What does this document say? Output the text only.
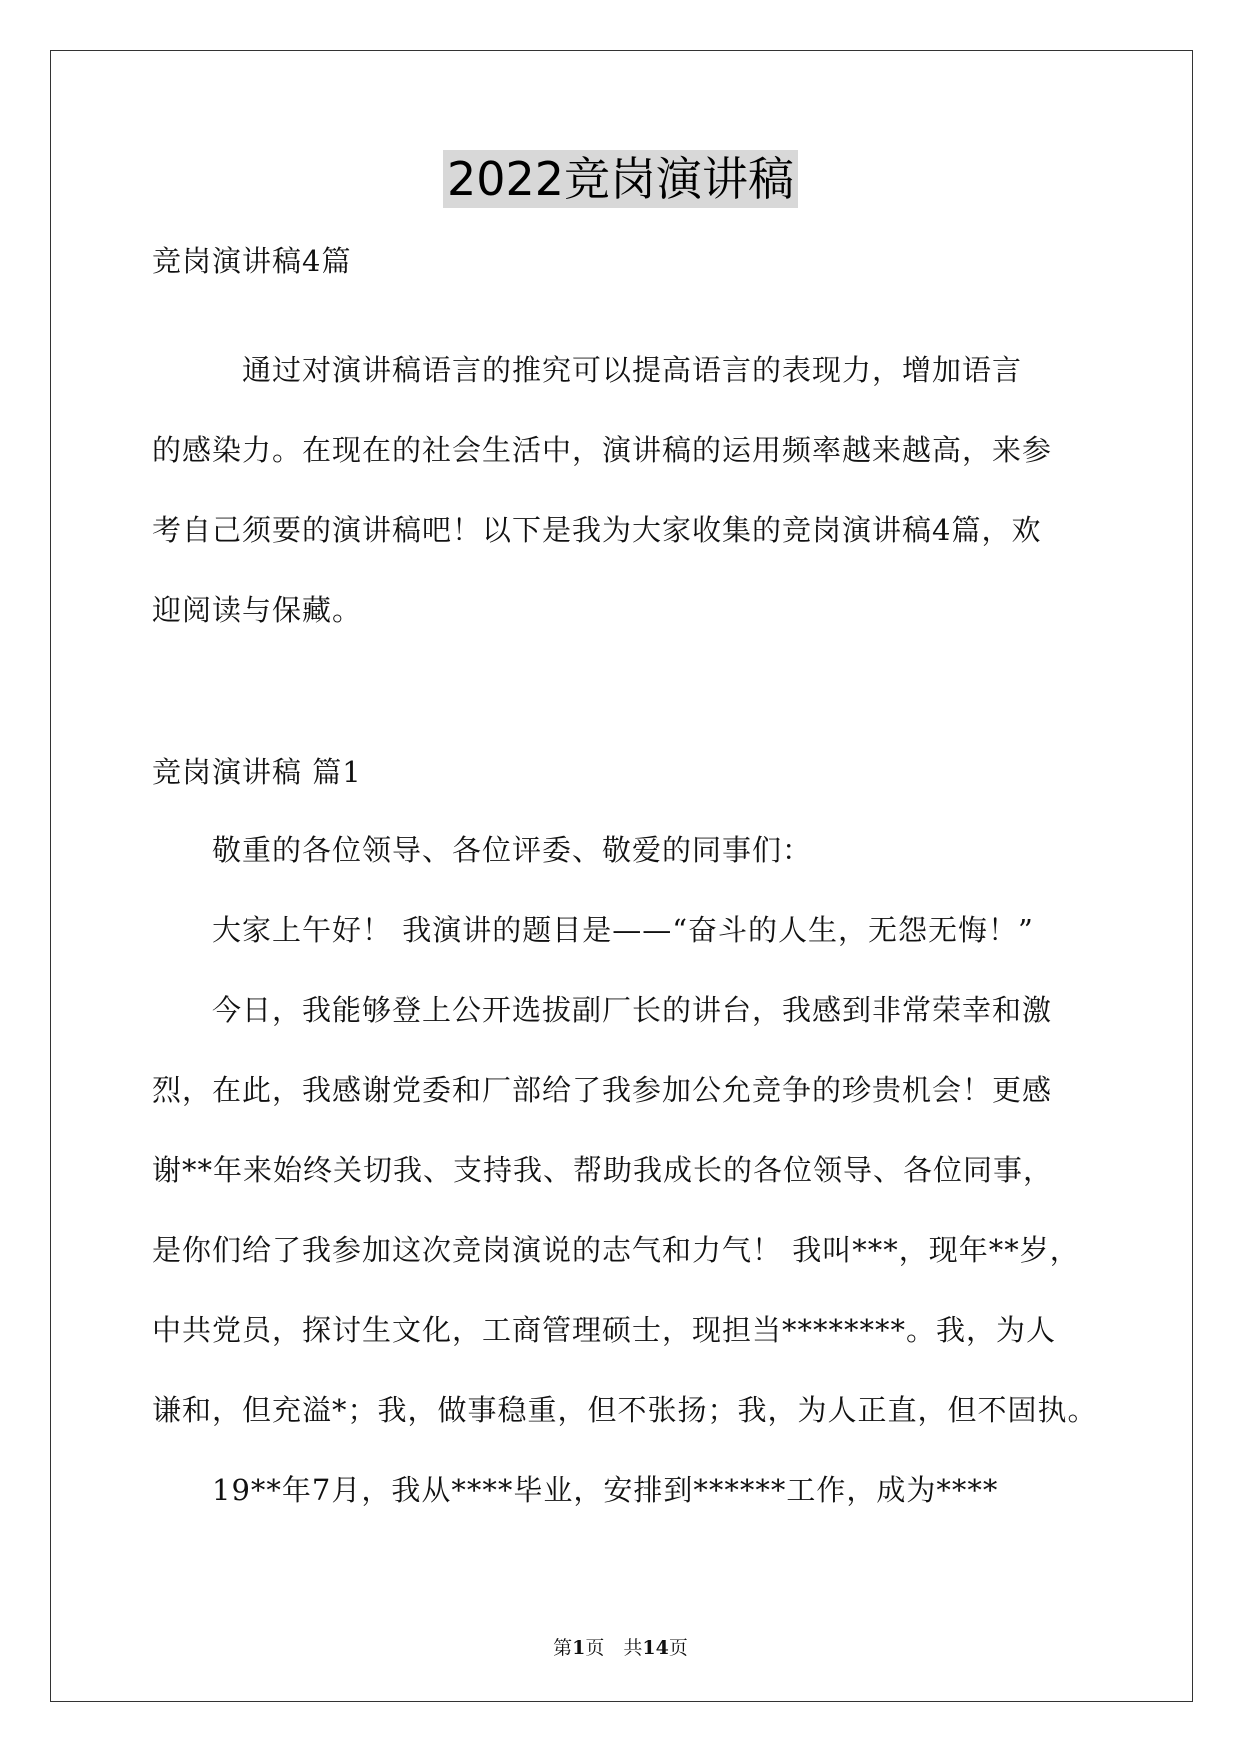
2022竞岗演讲稿
竞岗演讲稿4篇
　　　通过对演讲稿语言的推究可以提高语言的表现力，增加语言
的感染力。在现在的社会生活中，演讲稿的运用频率越来越高，来参
考自己须要的演讲稿吧！以下是我为大家收集的竞岗演讲稿4篇，欢
迎阅读与保藏。
竞岗演讲稿 篇1
　　敬重的各位领导、各位评委、敬爱的同事们：
　　大家上午好！ 我演讲的题目是——“奋斗的人生，无怨无悔！”
　　今日，我能够登上公开选拔副厂长的讲台，我感到非常荣幸和激
烈，在此，我感谢党委和厂部给了我参加公允竞争的珍贵机会！更感
谢**年来始终关切我、支持我、帮助我成长的各位领导、各位同事，
是你们给了我参加这次竞岗演说的志气和力气！ 我叫***，现年**岁，
中共党员，探讨生文化，工商管理硕士，现担当********。我，为人
谦和，但充溢*；我，做事稳重，但不张扬；我，为人正直，但不固执。
　　19**年7月，我从****毕业，安排到******工作，成为****
第1页　共14页
